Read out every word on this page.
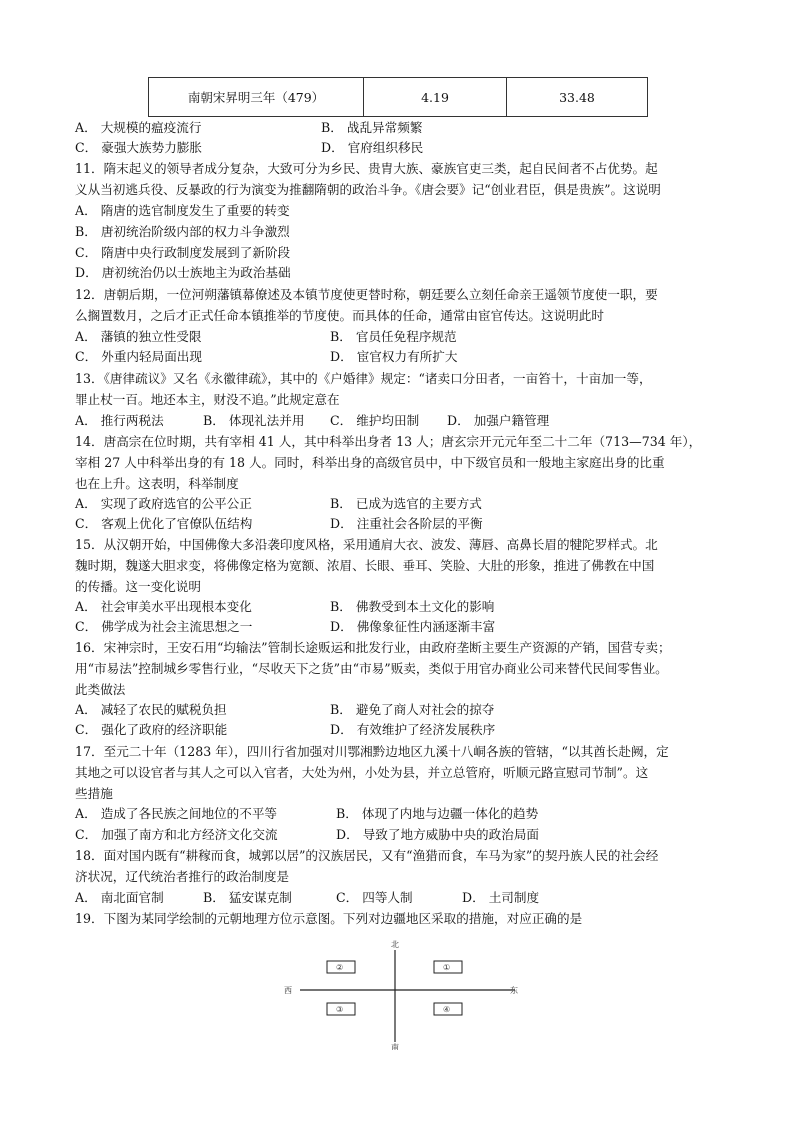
南朝宋昇明三年（479）	4.19	33.48
A． 大规模的瘟疫流行	B． 战乱异常频繁
C． 豪强大族势力膨胀	D． 官府组织移民
11．隋末起义的领导者成分复杂，大致可分为乡民、贵胄大族、豪族官吏三类，起自民间者不占优势。起
义从当初逃兵役、反暴政的行为演变为推翻隋朝的政治斗争。《唐会要》记“创业君臣，俱是贵族”。这说明
A． 隋唐的选官制度发生了重要的转变
B． 唐初统治阶级内部的权力斗争激烈
C． 隋唐中央行政制度发展到了新阶段
D． 唐初统治仍以士族地主为政治基础
12．唐朝后期，一位河朔藩镇幕僚述及本镇节度使更替时称，朝廷要么立刻任命亲王遥领节度使一职，要
么搁置数月，之后才正式任命本镇推举的节度使。而具体的任命，通常由宦官传达。这说明此时
A． 藩镇的独立性受限	B． 官员任免程序规范
C． 外重内轻局面出现	D． 宦官权力有所扩大
13．《唐律疏议》又名《永徽律疏》，其中的《户婚律》规定：“诸卖口分田者，一亩笞十，十亩加一等，
罪止杖一百。地还本主，财没不追。”此规定意在
A． 推行两税法	B． 体现礼法并用 C． 维护均田制 D． 加强户籍管理
14．唐高宗在位时期，共有宰相 41 人，其中科举出身者 13 人；唐玄宗开元元年至二十二年（713—734 年），
宰相 27 人中科举出身的有 18 人。同时，科举出身的高级官员中，中下级官员和一般地主家庭出身的比重
也在上升。这表明，科举制度
A． 实现了政府选官的公平公正	B． 已成为选官的主要方式
C． 客观上优化了官僚队伍结构	D． 注重社会各阶层的平衡
15．从汉朝开始，中国佛像大多沿袭印度风格，采用通肩大衣、波发、薄唇、高鼻长眉的犍陀罗样式。北
魏时期，魏遂大胆求变，将佛像定格为宽额、浓眉、长眼、垂耳、笑脸、大肚的形象，推进了佛教在中国
的传播。这一变化说明
A． 社会审美水平出现根本变化	B． 佛教受到本土文化的影响
C． 佛学成为社会主流思想之一	D． 佛像象征性内涵逐渐丰富
16．宋神宗时，王安石用“均输法”管制长途贩运和批发行业，由政府垄断主要生产资源的产销，国营专卖；
用“市易法”控制城乡零售行业，“尽收天下之货”由“市易”贩卖，类似于用官办商业公司来替代民间零售业。
此类做法
A． 减轻了农民的赋税负担	B． 避免了商人对社会的掠夺
C． 强化了政府的经济职能	D． 有效维护了经济发展秩序
17．至元二十年（1283 年），四川行省加强对川鄂湘黔边地区九溪十八峒各族的管辖，“以其酋长赴阙，定
其地之可以设官者与其人之可以入官者，大处为州，小处为县，并立总管府，听顺元路宣慰司节制”。这
些措施
A． 造成了各民族之间地位的不平等	B． 体现了内地与边疆一体化的趋势
C． 加强了南方和北方经济文化交流	D． 导致了地方威胁中央的政治局面
18．面对国内既有“耕稼而食，城郭以居”的汉族居民，又有“渔猎而食，车马为家”的契丹族人民的社会经
济状况，辽代统治者推行的政治制度是
A． 南北面官制	B． 猛安谋克制	C． 四等人制	D． 土司制度
19．下图为某同学绘制的元朝地理方位示意图。下列对边疆地区采取的措施，对应正确的是
北
南
西	东
②	①
③	④
